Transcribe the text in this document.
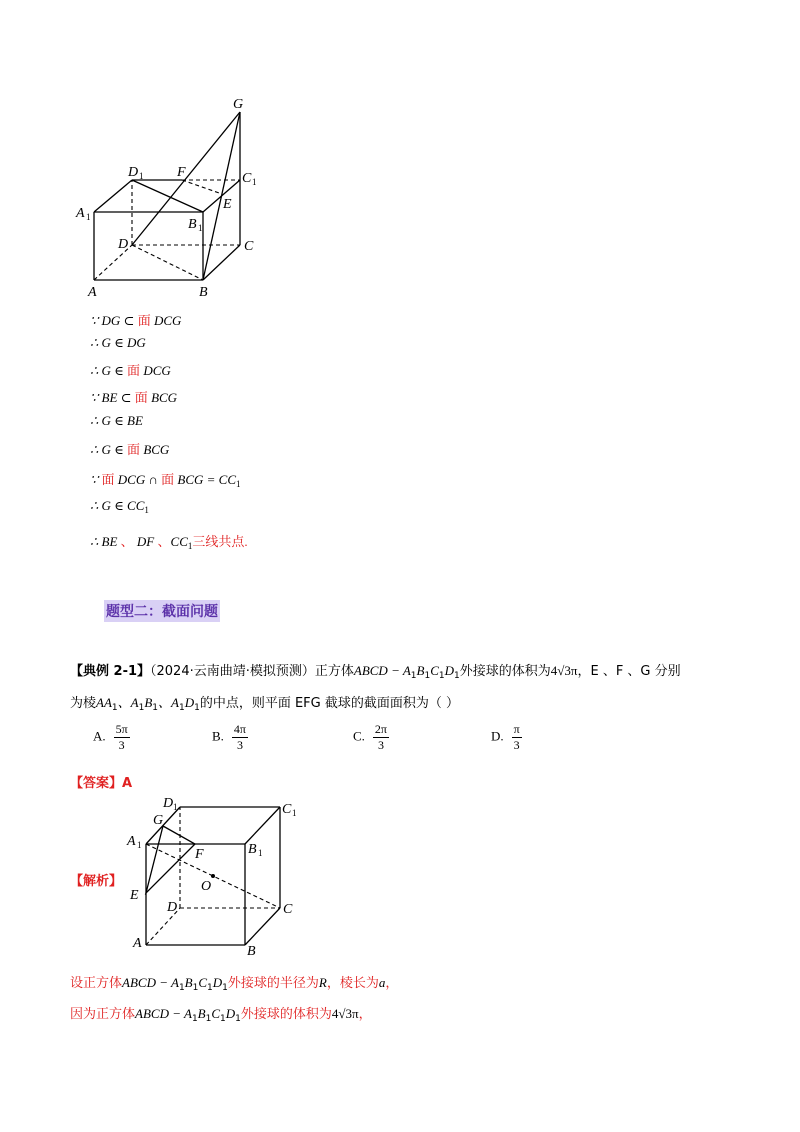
G
D 1 F	C 1
A 1
E
B 1
D	C
A	B
∵ DG ⊂ 面 DCG
∴ G ∈ DG
∴ G ∈ 面 DCG
∵ BE ⊂ 面 BCG
∴ G ∈ BE
∴ G ∈ 面 BCG
∵ 面 DCG ∩ 面 BCG = $CC_1$
∴ G ∈ $CC_1$
∴ BE 、 DF 、$CC_1$三线共点.
题型二：截面问题
【典例 2-1】（2024·云南曲靖·模拟预测）正方体ABCD − $A_1B_1C_1D_1$外接球的体积为4√3π，E 、F 、G 分别
为棱$AA_1$、$A_1B_1$、$A_1D_1$的中点，则平面 EFG 截球的截面面积为（ ）
A. $\frac{5\pi}{3}$	B. $\frac{4\pi}{3}$	C. $\frac{2\pi}{3}$	D. $\frac{\pi}{3}$
【答案】A
【解析】
D 1	C 1
G
A 1
F	B 1
O
E
D	C
A
B
设正方体ABCD − $A_1B_1C_1D_1$外接球的半径为R，棱长为a，
因为正方体ABCD − $A_1B_1C_1D_1$外接球的体积为4√3π，
